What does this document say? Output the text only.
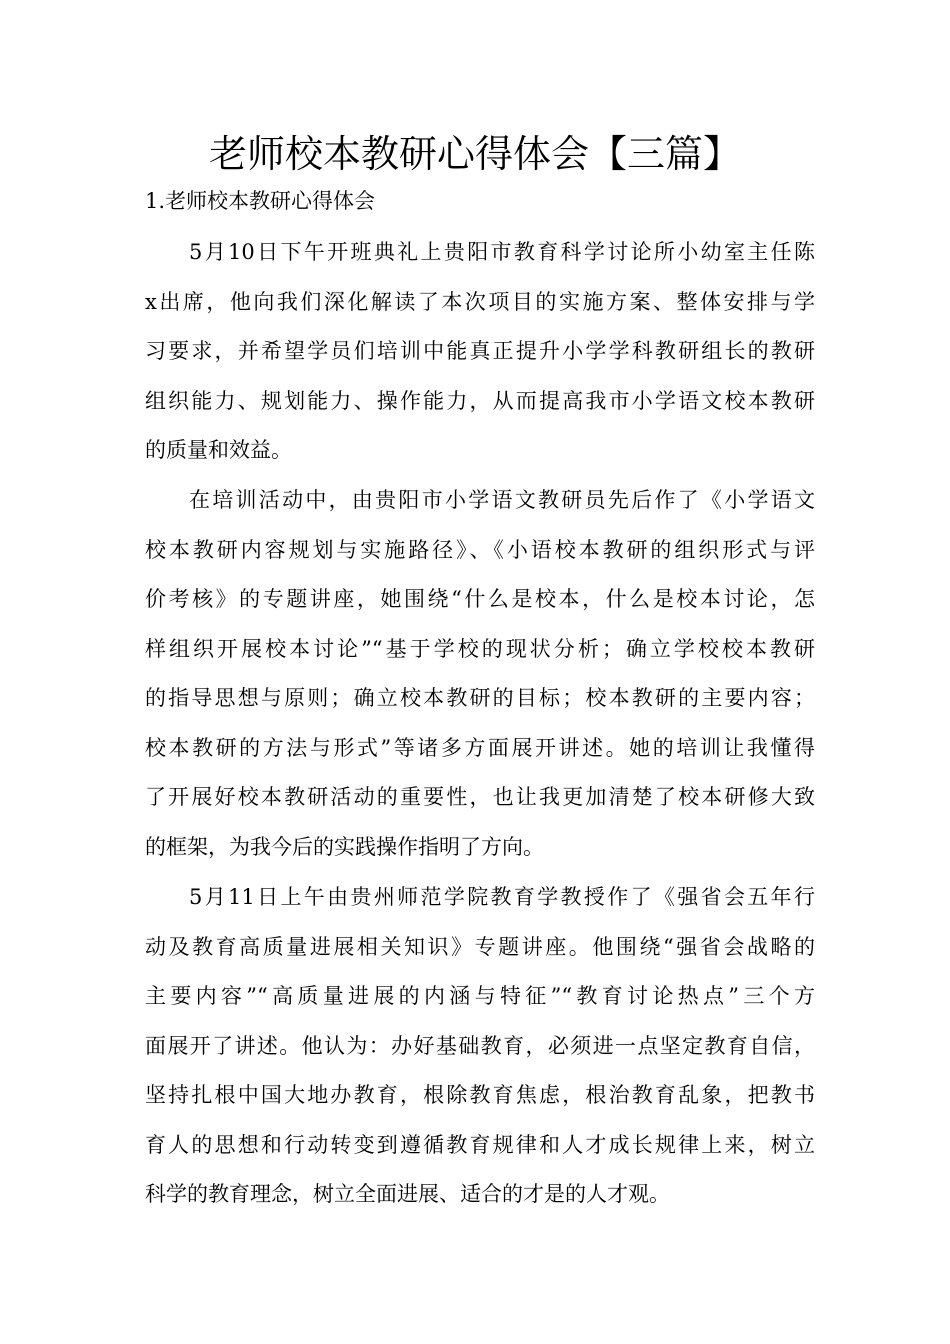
老师校本教研心得体会【三篇】
1.老师校本教研心得体会
5月10日下午开班典礼上贵阳市教育科学讨论所小幼室主任陈
x出席，他向我们深化解读了本次项目的实施方案、整体安排与学
习要求，并希望学员们培训中能真正提升小学学科教研组长的教研
组织能力、规划能力、操作能力，从而提高我市小学语文校本教研
的质量和效益。
在培训活动中，由贵阳市小学语文教研员先后作了《小学语文
校本教研内容规划与实施路径》、《小语校本教研的组织形式与评
价考核》的专题讲座，她围绕“什么是校本，什么是校本讨论，怎
样组织开展校本讨论”“基于学校的现状分析；确立学校校本教研
的指导思想与原则；确立校本教研的目标；校本教研的主要内容；
校本教研的方法与形式”等诸多方面展开讲述。她的培训让我懂得
了开展好校本教研活动的重要性，也让我更加清楚了校本研修大致
的框架，为我今后的实践操作指明了方向。
5月11日上午由贵州师范学院教育学教授作了《强省会五年行
动及教育高质量进展相关知识》专题讲座。他围绕“强省会战略的
主要内容”“高质量进展的内涵与特征”“教育讨论热点”三个方
面展开了讲述。他认为：办好基础教育，必须进一点坚定教育自信，
坚持扎根中国大地办教育，根除教育焦虑，根治教育乱象，把教书
育人的思想和行动转变到遵循教育规律和人才成长规律上来，树立
科学的教育理念，树立全面进展、适合的才是的人才观。
